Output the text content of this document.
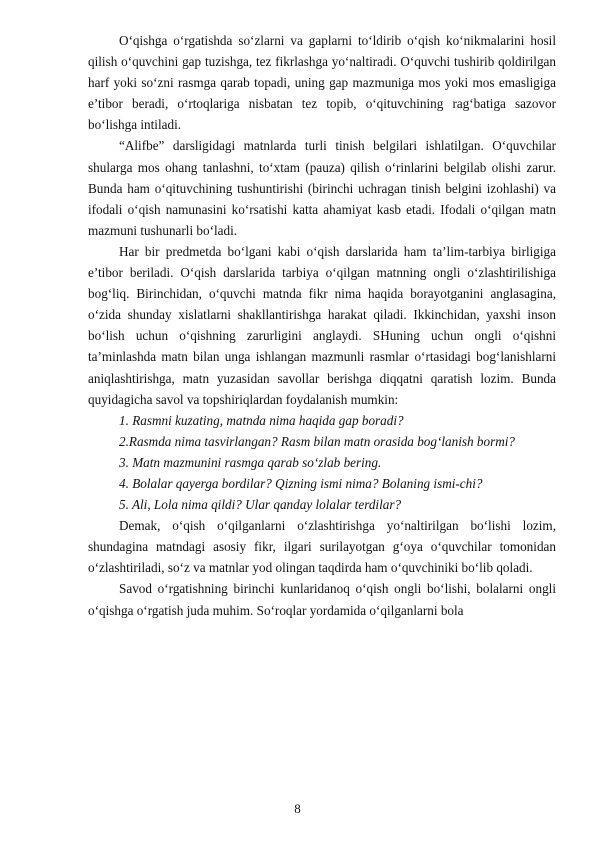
O‘qishga o‘rgatishda so‘zlarni va gaplarni to‘ldirib o‘qish ko‘nikmalarini hosil qilish o‘quvchini gap tuzishga, tez fikrlashga yo‘naltiradi. O‘quvchi tushirib qoldirilgan harf yoki so‘zni rasmga qarab topadi, uning gap mazmuniga mos yoki mos emasligiga e’tibor beradi, o‘rtoqlariga nisbatan tez topib, o‘qituvchining rag‘batiga sazovor bo‘lishga intiladi.

“Alifbe” darsligidagi matnlarda turli tinish belgilari ishlatilgan. O‘quvchilar shularga mos ohang tanlashni, to‘xtam (pauza) qilish o‘rinlarini belgilab olishi zarur. Bunda ham o‘qituvchining tushuntirishi (birinchi uchragan tinish belgini izohlashi) va ifodali o‘qish namunasini ko‘rsatishi katta ahamiyat kasb etadi. Ifodali o‘qilgan matn mazmuni tushunarli bo‘ladi.

Har bir predmetda bo‘lgani kabi o‘qish darslarida ham ta’lim-tarbiya birligiga e’tibor beriladi. O‘qish darslarida tarbiya o‘qilgan matnning ongli o‘zlashtirilishiga bog‘liq. Birinchidan, o‘quvchi matnda fikr nima haqida borayotganini anglasagina, o‘zida shunday xislatlarni shakllantirishga harakat qiladi. Ikkinchidan, yaxshi inson bo‘lish uchun o‘qishning zarurligini anglaydi. SHuning uchun ongli o‘qishni ta’minlashda matn bilan unga ishlangan mazmunli rasmlar o‘rtasidagi bog‘lanishlarni aniqlashtirishga, matn yuzasidan savollar berishga diqqatni qaratish lozim. Bunda quyidagicha savol va topshiriqlardan foydalanish mumkin:

1. Rasmni kuzating, matnda nima haqida gap boradi?

2.Rasmda nima tasvirlangan? Rasm bilan matn orasida bog‘lanish bormi?

3. Matn mazmunini rasmga qarab so‘zlab bering.

4. Bolalar qayerga bordilar? Qizning ismi nima? Bolaning ismi-chi?

5. Ali, Lola nima qildi? Ular qanday lolalar terdilar?

Demak, o‘qish o‘qilganlarni o‘zlashtirishga yo‘naltirilgan bo‘lishi lozim, shundagina matndagi asosiy fikr, ilgari surilayotgan g‘oya o‘quvchilar tomonidan o‘zlashtiriladi, so‘z va matnlar yod olingan taqdirda ham o‘quvchiniki bo‘lib qoladi.

Savod o‘rgatishning birinchi kunlaridanoq o‘qish ongli bo‘lishi, bolalarni ongli o‘qishga o‘rgatish juda muhim. So‘roqlar yordamida o‘qilganlarni bola

8
